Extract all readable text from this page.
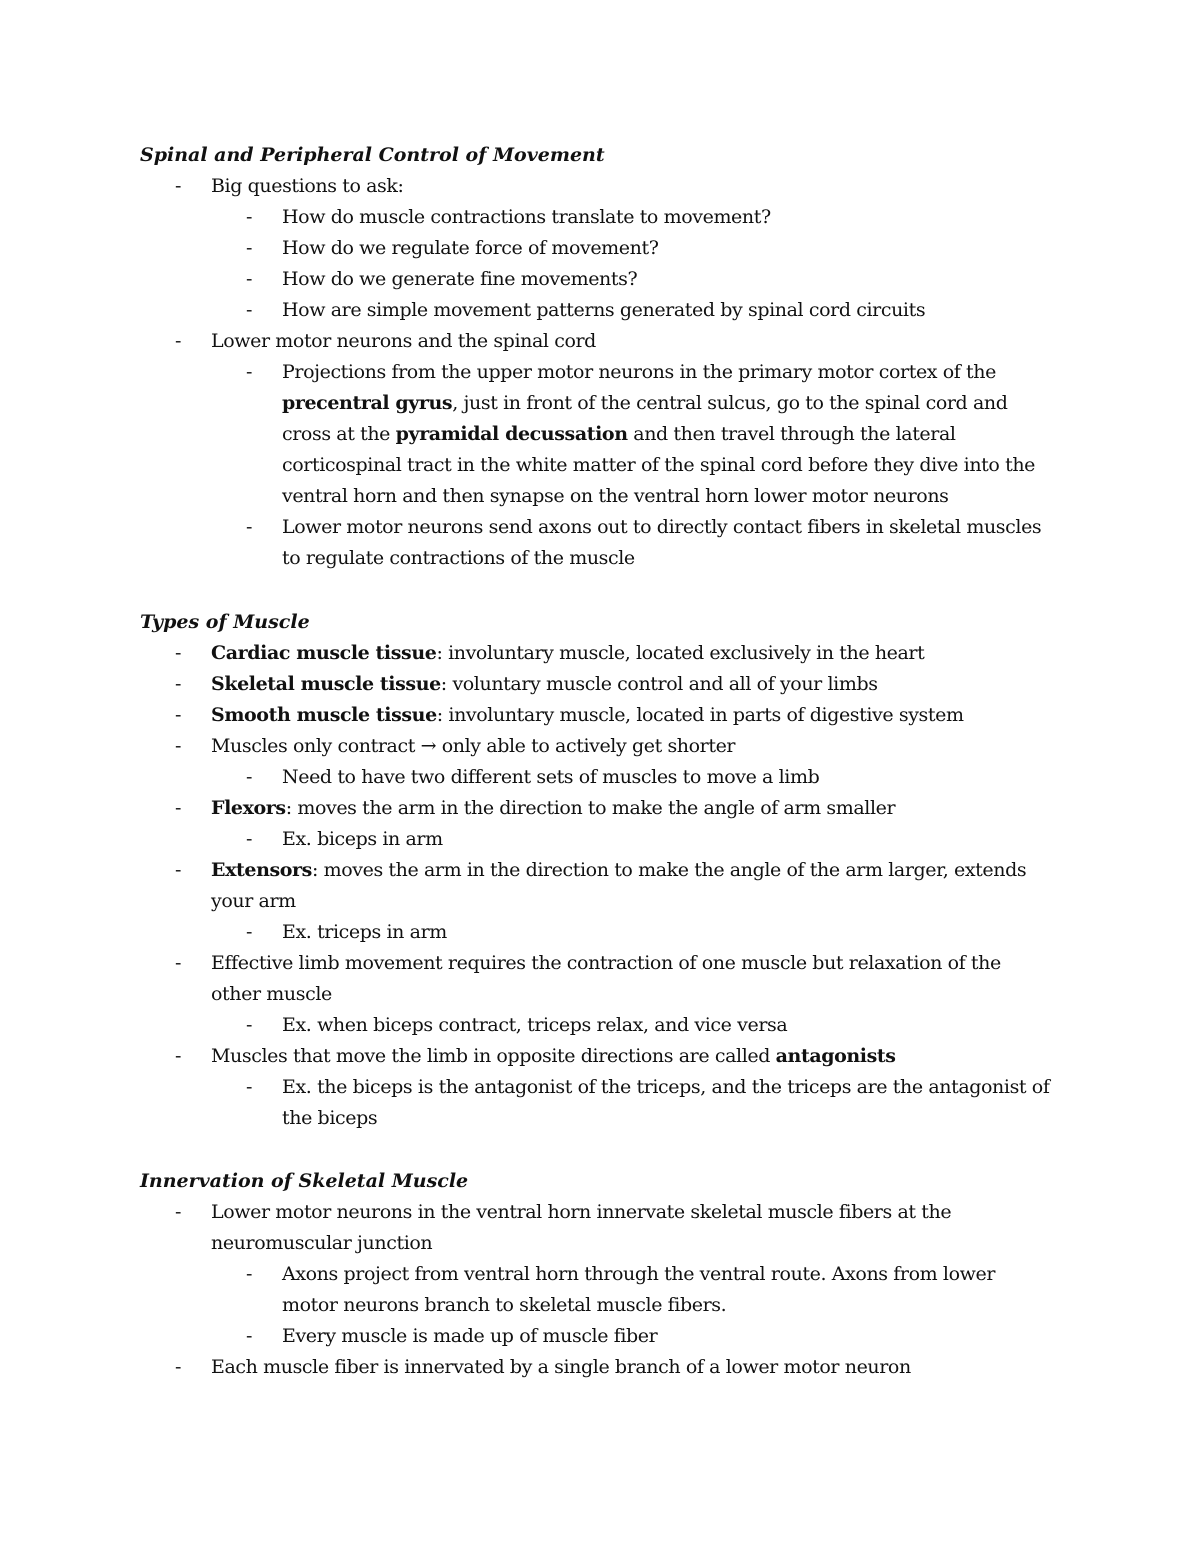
Spinal and Peripheral Control of Movement
- Big questions to ask:
- How do muscle contractions translate to movement?
- How do we regulate force of movement?
- How do we generate fine movements?
- How are simple movement patterns generated by spinal cord circuits
- Lower motor neurons and the spinal cord
- Projections from the upper motor neurons in the primary motor cortex of the
precentral gyrus, just in front of the central sulcus, go to the spinal cord and
cross at the pyramidal decussation and then travel through the lateral
corticospinal tract in the white matter of the spinal cord before they dive into the
ventral horn and then synapse on the ventral horn lower motor neurons
- Lower motor neurons send axons out to directly contact fibers in skeletal muscles
to regulate contractions of the muscle
Types of Muscle
- Cardiac muscle tissue: involuntary muscle, located exclusively in the heart
- Skeletal muscle tissue: voluntary muscle control and all of your limbs
- Smooth muscle tissue: involuntary muscle, located in parts of digestive system
- Muscles only contract → only able to actively get shorter
- Need to have two different sets of muscles to move a limb
- Flexors: moves the arm in the direction to make the angle of arm smaller
- Ex. biceps in arm
- Extensors: moves the arm in the direction to make the angle of the arm larger, extends
your arm
- Ex. triceps in arm
- Effective limb movement requires the contraction of one muscle but relaxation of the
other muscle
- Ex. when biceps contract, triceps relax, and vice versa
- Muscles that move the limb in opposite directions are called antagonists
- Ex. the biceps is the antagonist of the triceps, and the triceps are the antagonist of
the biceps
Innervation of Skeletal Muscle
- Lower motor neurons in the ventral horn innervate skeletal muscle fibers at the
neuromuscular junction
- Axons project from ventral horn through the ventral route. Axons from lower
motor neurons branch to skeletal muscle fibers.
- Every muscle is made up of muscle fiber
- Each muscle fiber is innervated by a single branch of a lower motor neuron
